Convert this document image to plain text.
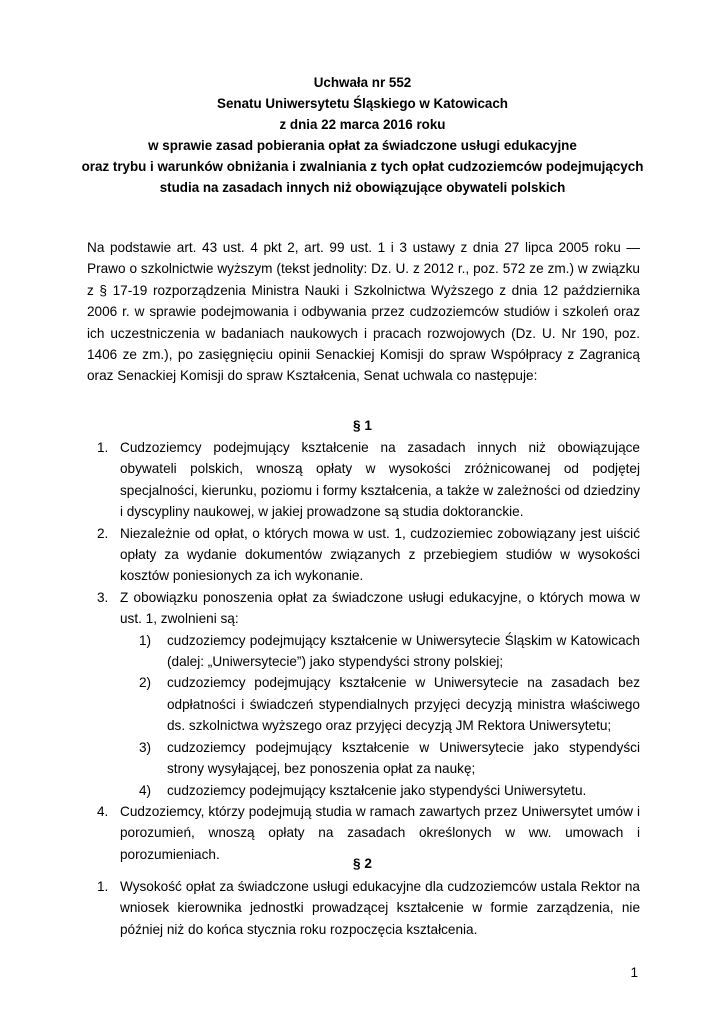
Uchwała nr 552
Senatu Uniwersytetu Śląskiego w Katowicach
z dnia 22 marca 2016 roku
w sprawie zasad pobierania opłat za świadczone usługi edukacyjne
oraz trybu i warunków obniżania i zwalniania z tych opłat cudzoziemców podejmujących
studia na zasadach innych niż obowiązujące obywateli polskich

Na podstawie art. 43 ust. 4 pkt 2, art. 99 ust. 1 i 3 ustawy z dnia 27 lipca 2005 roku — Prawo o szkolnictwie wyższym (tekst jednolity: Dz. U. z 2012 r., poz. 572 ze zm.) w związku z § 17-19 rozporządzenia Ministra Nauki i Szkolnictwa Wyższego z dnia 12 października 2006 r. w sprawie podejmowania i odbywania przez cudzoziemców studiów i szkoleń oraz ich uczestniczenia w badaniach naukowych i pracach rozwojowych (Dz. U. Nr 190, poz. 1406 ze zm.), po zasięgnięciu opinii Senackiej Komisji do spraw Współpracy z Zagranicą oraz Senackiej Komisji do spraw Kształcenia, Senat uchwala co następuje:

§ 1
1. Cudzoziemcy podejmujący kształcenie na zasadach innych niż obowiązujące obywateli polskich, wnoszą opłaty w wysokości zróżnicowanej od podjętej specjalności, kierunku, poziomu i formy kształcenia, a także w zależności od dziedziny i dyscypliny naukowej, w jakiej prowadzone są studia doktoranckie.
2. Niezależnie od opłat, o których mowa w ust. 1, cudzoziemiec zobowiązany jest uiścić opłaty za wydanie dokumentów związanych z przebiegiem studiów w wysokości kosztów poniesionych za ich wykonanie.
3. Z obowiązku ponoszenia opłat za świadczone usługi edukacyjne, o których mowa w ust. 1, zwolnieni są:
1) cudzoziemcy podejmujący kształcenie w Uniwersytecie Śląskim w Katowicach (dalej: „Uniwersytecie”) jako stypendyści strony polskiej;
2) cudzoziemcy podejmujący kształcenie w Uniwersytecie na zasadach bez odpłatności i świadczeń stypendialnych przyjęci decyzją ministra właściwego ds. szkolnictwa wyższego oraz przyjęci decyzją JM Rektora Uniwersytetu;
3) cudzoziemcy podejmujący kształcenie w Uniwersytecie jako stypendyści strony wysyłającej, bez ponoszenia opłat za naukę;
4) cudzoziemcy podejmujący kształcenie jako stypendyści Uniwersytetu.
4. Cudzoziemcy, którzy podejmują studia w ramach zawartych przez Uniwersytet umów i porozumień, wnoszą opłaty na zasadach określonych w ww. umowach i porozumieniach.
§ 2
1. Wysokość opłat za świadczone usługi edukacyjne dla cudzoziemców ustala Rektor na wniosek kierownika jednostki prowadzącej kształcenie w formie zarządzenia, nie później niż do końca stycznia roku rozpoczęcia kształcenia.
1
